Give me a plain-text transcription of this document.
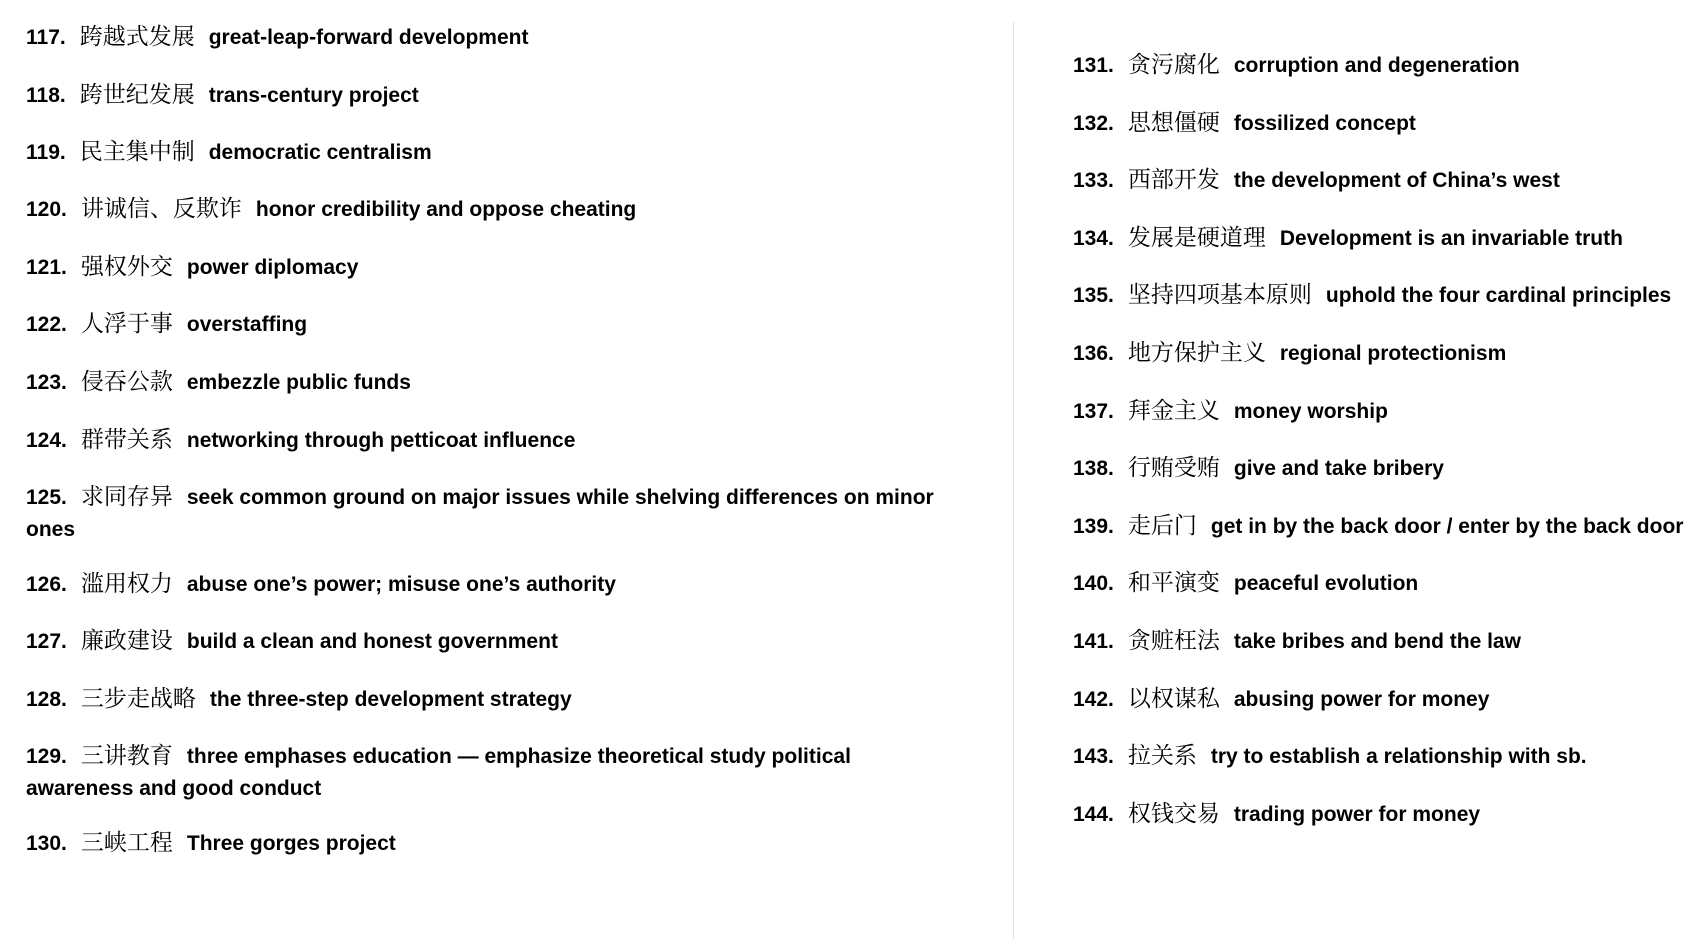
117. 跨越式发展 great-leap-forward development
118. 跨世纪发展 trans-century project
119. 民主集中制 democratic centralism
120. 讲诚信、反欺诈 honor credibility and oppose cheating
121. 强权外交 power diplomacy
122. 人浮于事 overstaffing
123. 侵吞公款 embezzle public funds
124. 群带关系 networking through petticoat influence
125. 求同存异 seek common ground on major issues while shelving differences on minor
ones
126. 滥用权力 abuse one’s power; misuse one’s authority
127. 廉政建设 build a clean and honest government
128. 三步走战略 the three-step development strategy
129. 三讲教育 three emphases education — emphasize theoretical study political
awareness and good conduct
130. 三峡工程 Three gorges project
131. 贪污腐化 corruption and degeneration
132. 思想僵硬 fossilized concept
133. 西部开发 the development of China’s west
134. 发展是硬道理 Development is an invariable truth
135. 坚持四项基本原则 uphold the four cardinal principles
136. 地方保护主义 regional protectionism
137. 拜金主义 money worship
138. 行贿受贿 give and take bribery
139. 走后门 get in by the back door / enter by the back door
140. 和平演变 peaceful evolution
141. 贪赃枉法 take bribes and bend the law
142. 以权谋私 abusing power for money
143. 拉关系 try to establish a relationship with sb.
144. 权钱交易 trading power for money
